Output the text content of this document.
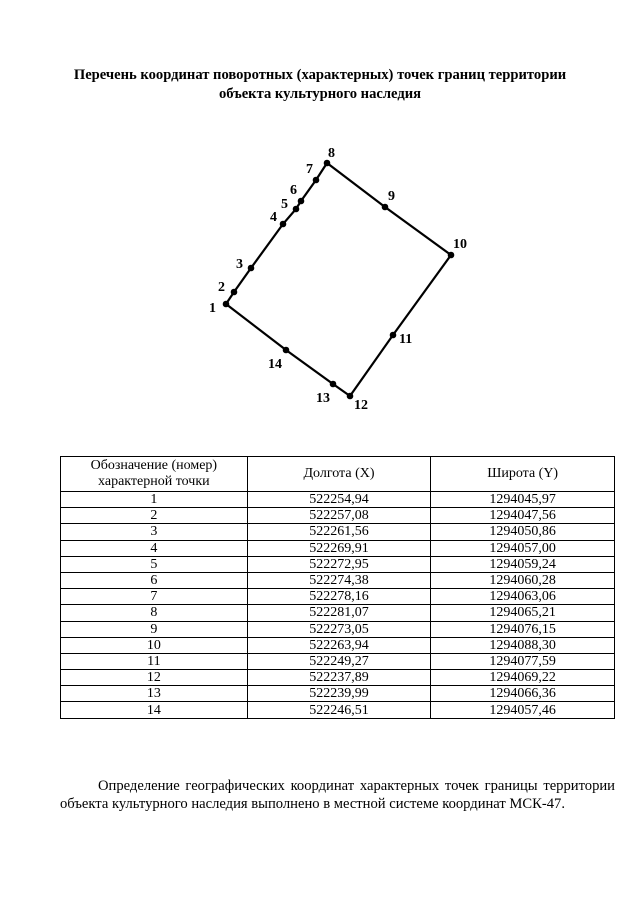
Перечень координат поворотных (характерных) точек границ территории
объекта культурного наследия
1
2
3
4
5
6
7
8
9
10
11
12
13
14
Обозначение (номер) характерной точки	Долгота (X)	Широта (Y)
1	522254,94	1294045,97
2	522257,08	1294047,56
3	522261,56	1294050,86
4	522269,91	1294057,00
5	522272,95	1294059,24
6	522274,38	1294060,28
7	522278,16	1294063,06
8	522281,07	1294065,21
9	522273,05	1294076,15
10	522263,94	1294088,30
11	522249,27	1294077,59
12	522237,89	1294069,22
13	522239,99	1294066,36
14	522246,51	1294057,46

Определение географических координат характерных точек границы территории объекта культурного наследия выполнено в местной системе координат МСК-47.
